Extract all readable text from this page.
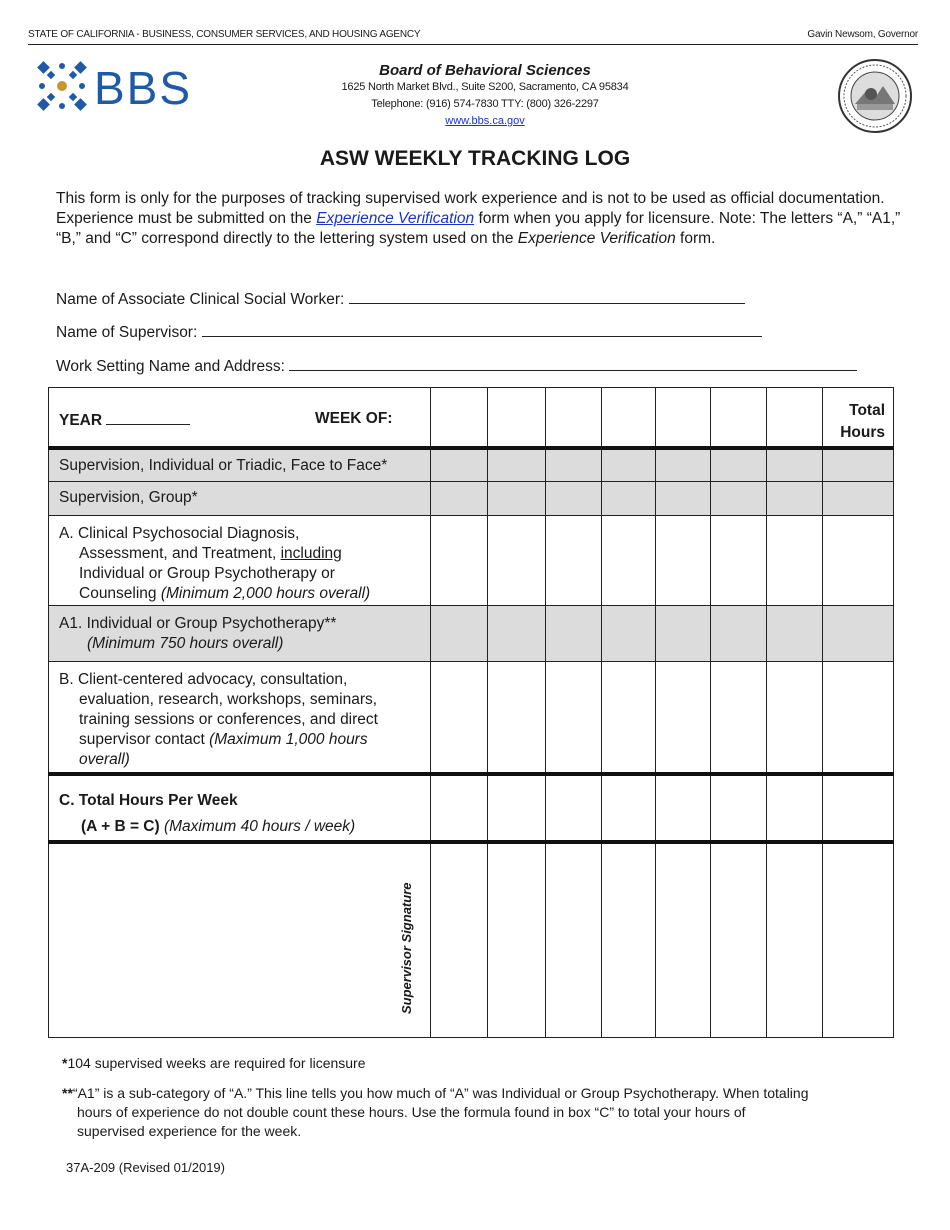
STATE OF CALIFORNIA - BUSINESS, CONSUMER SERVICES, AND HOUSING AGENCY	Gavin Newsom, Governor
BBS	Board of Behavioral Sciences
1625 North Market Blvd., Suite S200, Sacramento, CA 95834
Telephone: (916) 574-7830 TTY: (800) 326-2297
www.bbs.ca.gov
ASW WEEKLY TRACKING LOG
This form is only for the purposes of tracking supervised work experience and is not to be used as official documentation. Experience must be submitted on the Experience Verification form when you apply for licensure. Note: The letters “A,” “A1,” “B,” and “C” correspond directly to the lettering system used on the Experience Verification form.
Name of Associate Clinical Social Worker:
Name of Supervisor:
Work Setting Name and Address:
YEAR WEEK OF:								Total
Hours
Supervision, Individual or Triadic, Face to Face*								
Supervision, Group*								
A. Clinical Psychosocial Diagnosis,
Assessment, and Treatment, including
Individual or Group Psychotherapy or
Counseling (Minimum 2,000 hours overall)								

A1. Individual or Group Psychotherapy**
(Minimum 750 hours overall)								

B. Client-centered advocacy, consultation,
evaluation, research, workshops, seminars,
training sessions or conferences, and direct
supervisor contact (Maximum 1,000 hours
overall)								

C. Total Hours Per Week
(A + B = C) (Maximum 40 hours / week)								

Supervisor Signature								

*104 supervised weeks are required for licensure
**“A1” is a sub-category of “A.” This line tells you how much of “A” was Individual or Group Psychotherapy. When totaling
hours of experience do not double count these hours. Use the formula found in box “C” to total your hours of
supervised experience for the week.
37A-209 (Revised 01/2019)
